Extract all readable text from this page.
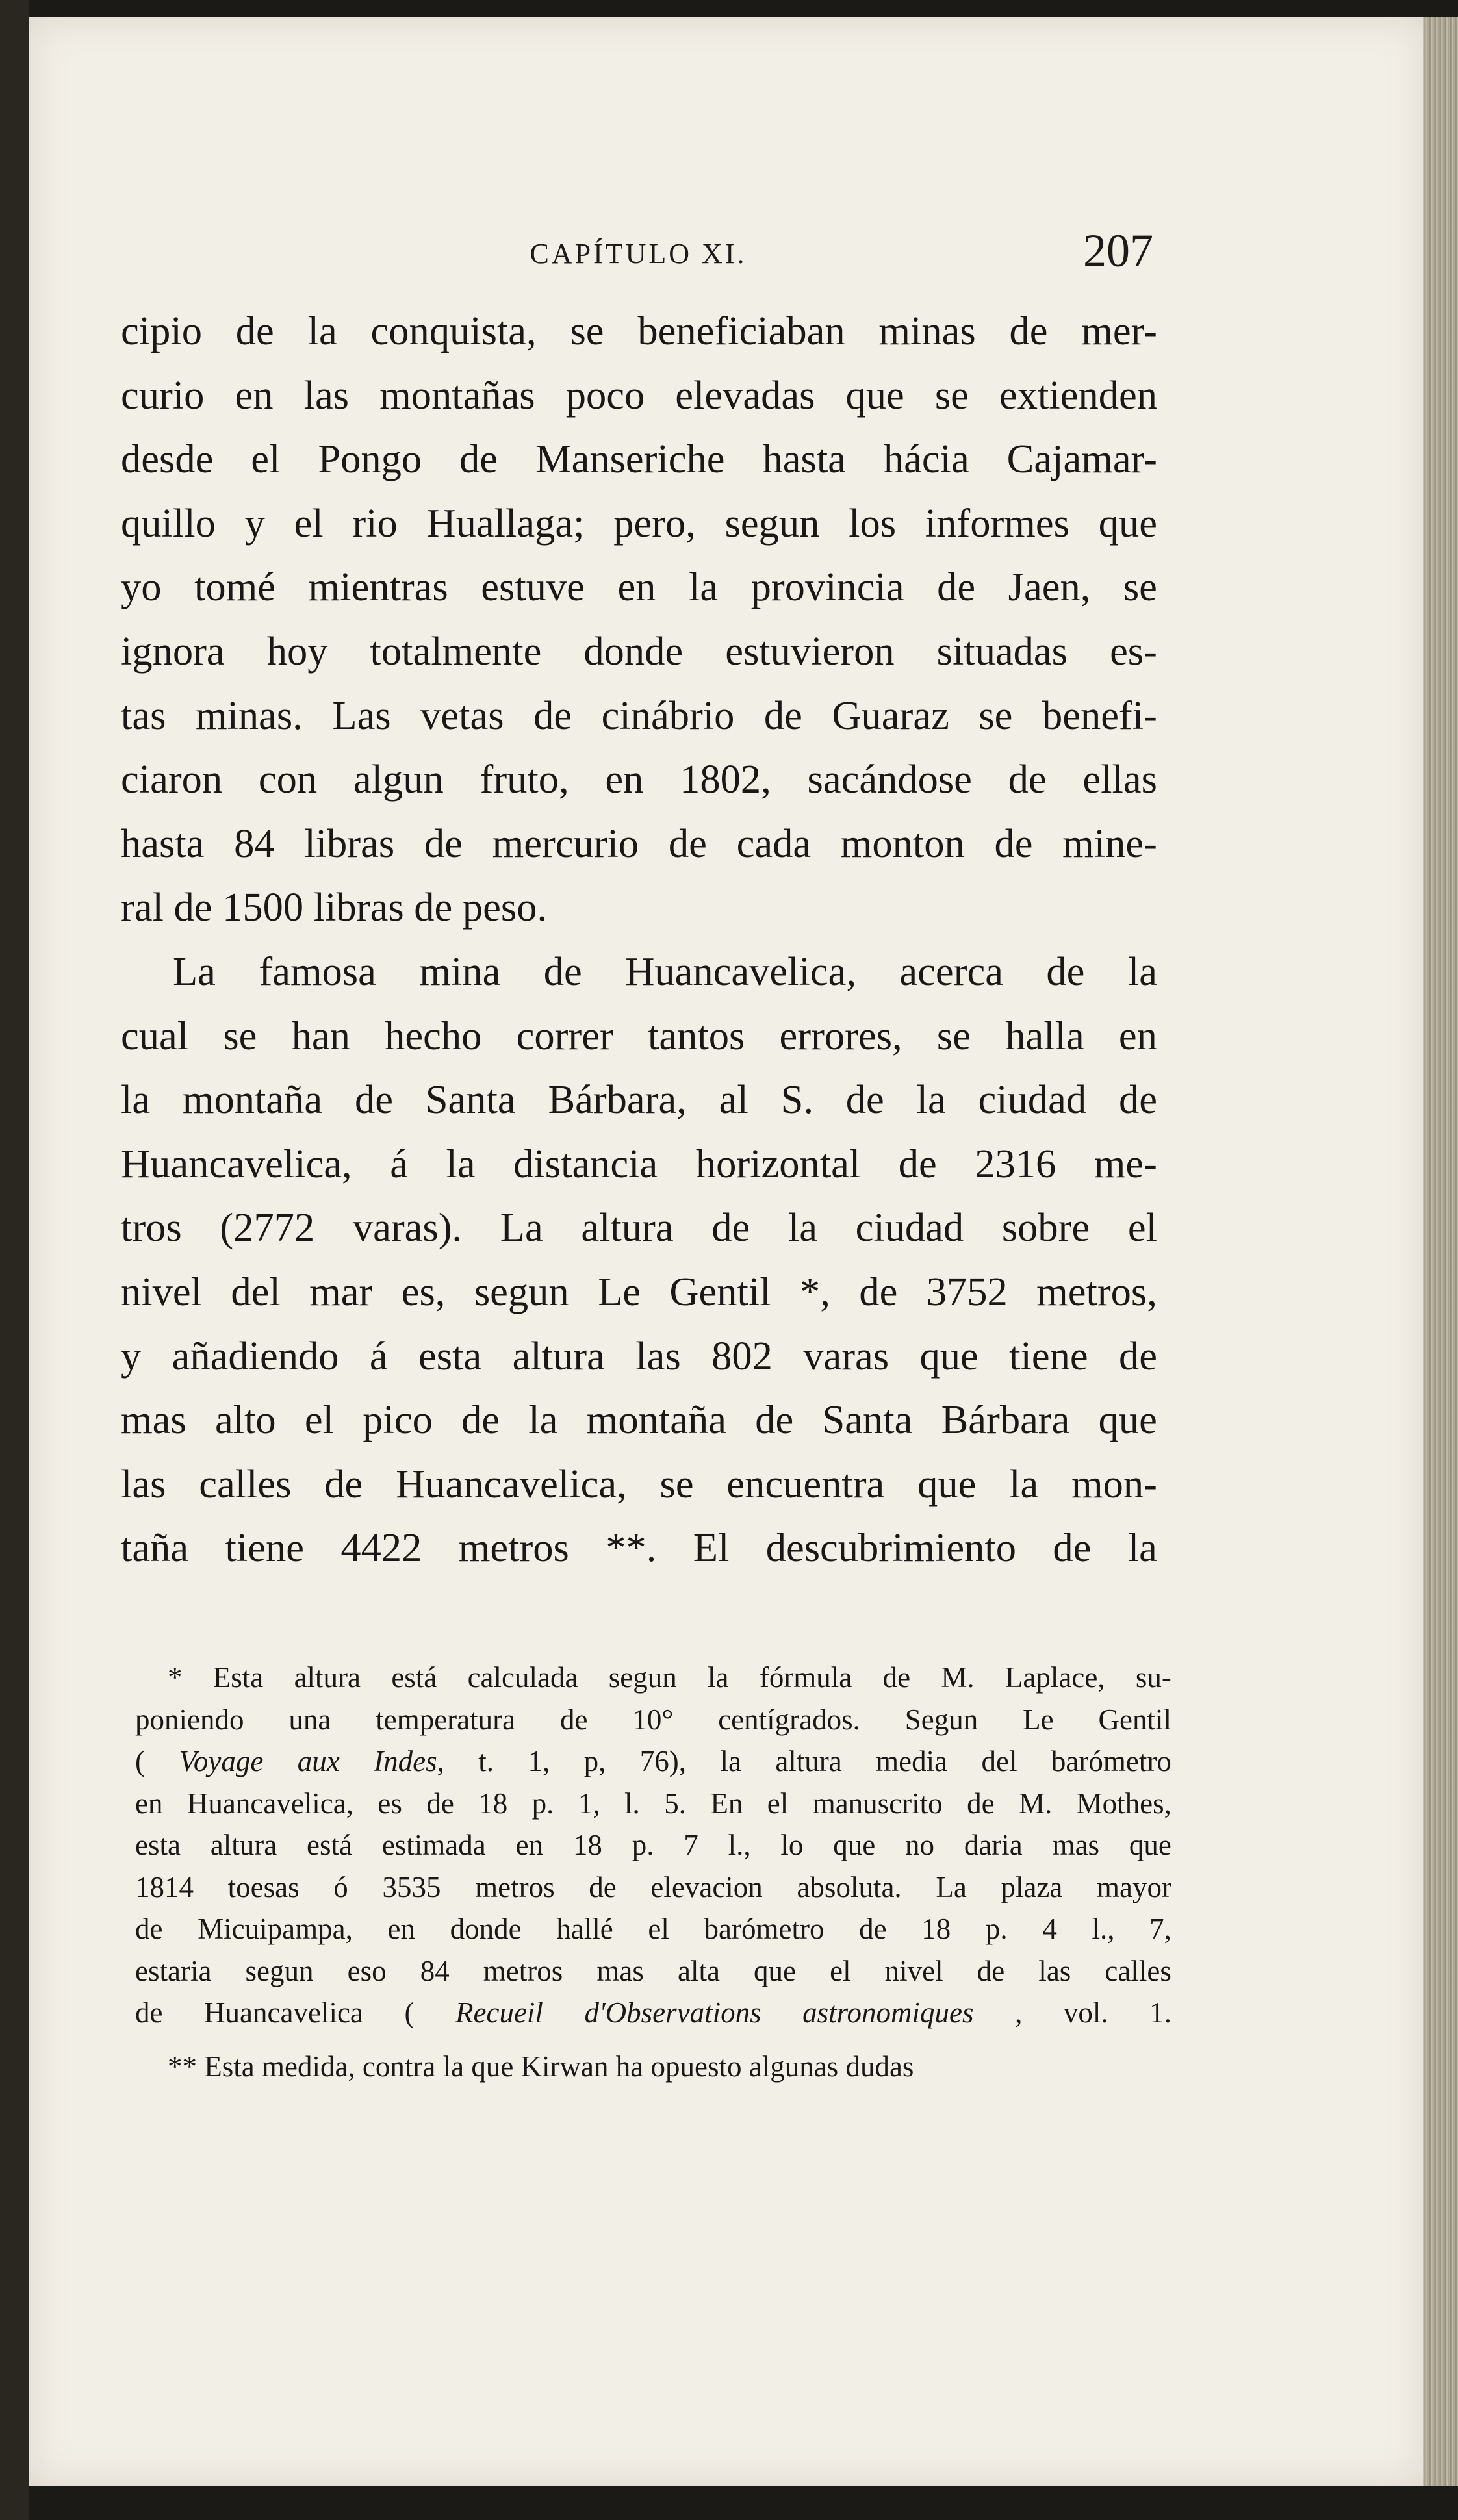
CAPÍTULO XI.	207
cipio de la conquista, se beneficiaban minas de mer-
curio en las montañas poco elevadas que se extienden
desde el Pongo de Manseriche hasta hácia Cajamar-
quillo y el rio Huallaga; pero, segun los informes que
yo tomé mientras estuve en la provincia de Jaen, se
ignora hoy totalmente donde estuvieron situadas es-
tas minas. Las vetas de cinábrio de Guaraz se benefi-
ciaron con algun fruto, en 1802, sacándose de ellas
hasta 84 libras de mercurio de cada monton de mine-
ral de 1500 libras de peso.
La famosa mina de Huancavelica, acerca de la
cual se han hecho correr tantos errores, se halla en
la montaña de Santa Bárbara, al S. de la ciudad de
Huancavelica, á la distancia horizontal de 2316 me-
tros (2772 varas). La altura de la ciudad sobre el
nivel del mar es, segun Le Gentil *, de 3752 metros,
y añadiendo á esta altura las 802 varas que tiene de
mas alto el pico de la montaña de Santa Bárbara que
las calles de Huancavelica, se encuentra que la mon-
taña tiene 4422 metros **. El descubrimiento de la
* Esta altura está calculada segun la fórmula de M. Laplace, su-
poniendo una temperatura de 10° centígrados. Segun Le Gentil
( Voyage aux Indes, t. 1, p, 76), la altura media del barómetro
en Huancavelica, es de 18 p. 1, l. 5. En el manuscrito de M. Mothes,
esta altura está estimada en 18 p. 7 l., lo que no daria mas que
1814 toesas ó 3535 metros de elevacion absoluta. La plaza mayor
de Micuipampa, en donde hallé el barómetro de 18 p. 4 l., 7,
estaria segun eso 84 metros mas alta que el nivel de las calles
de Huancavelica ( Recueil d'Observations astronomiques , vol. 1.
** Esta medida, contra la que Kirwan ha opuesto algunas dudas
